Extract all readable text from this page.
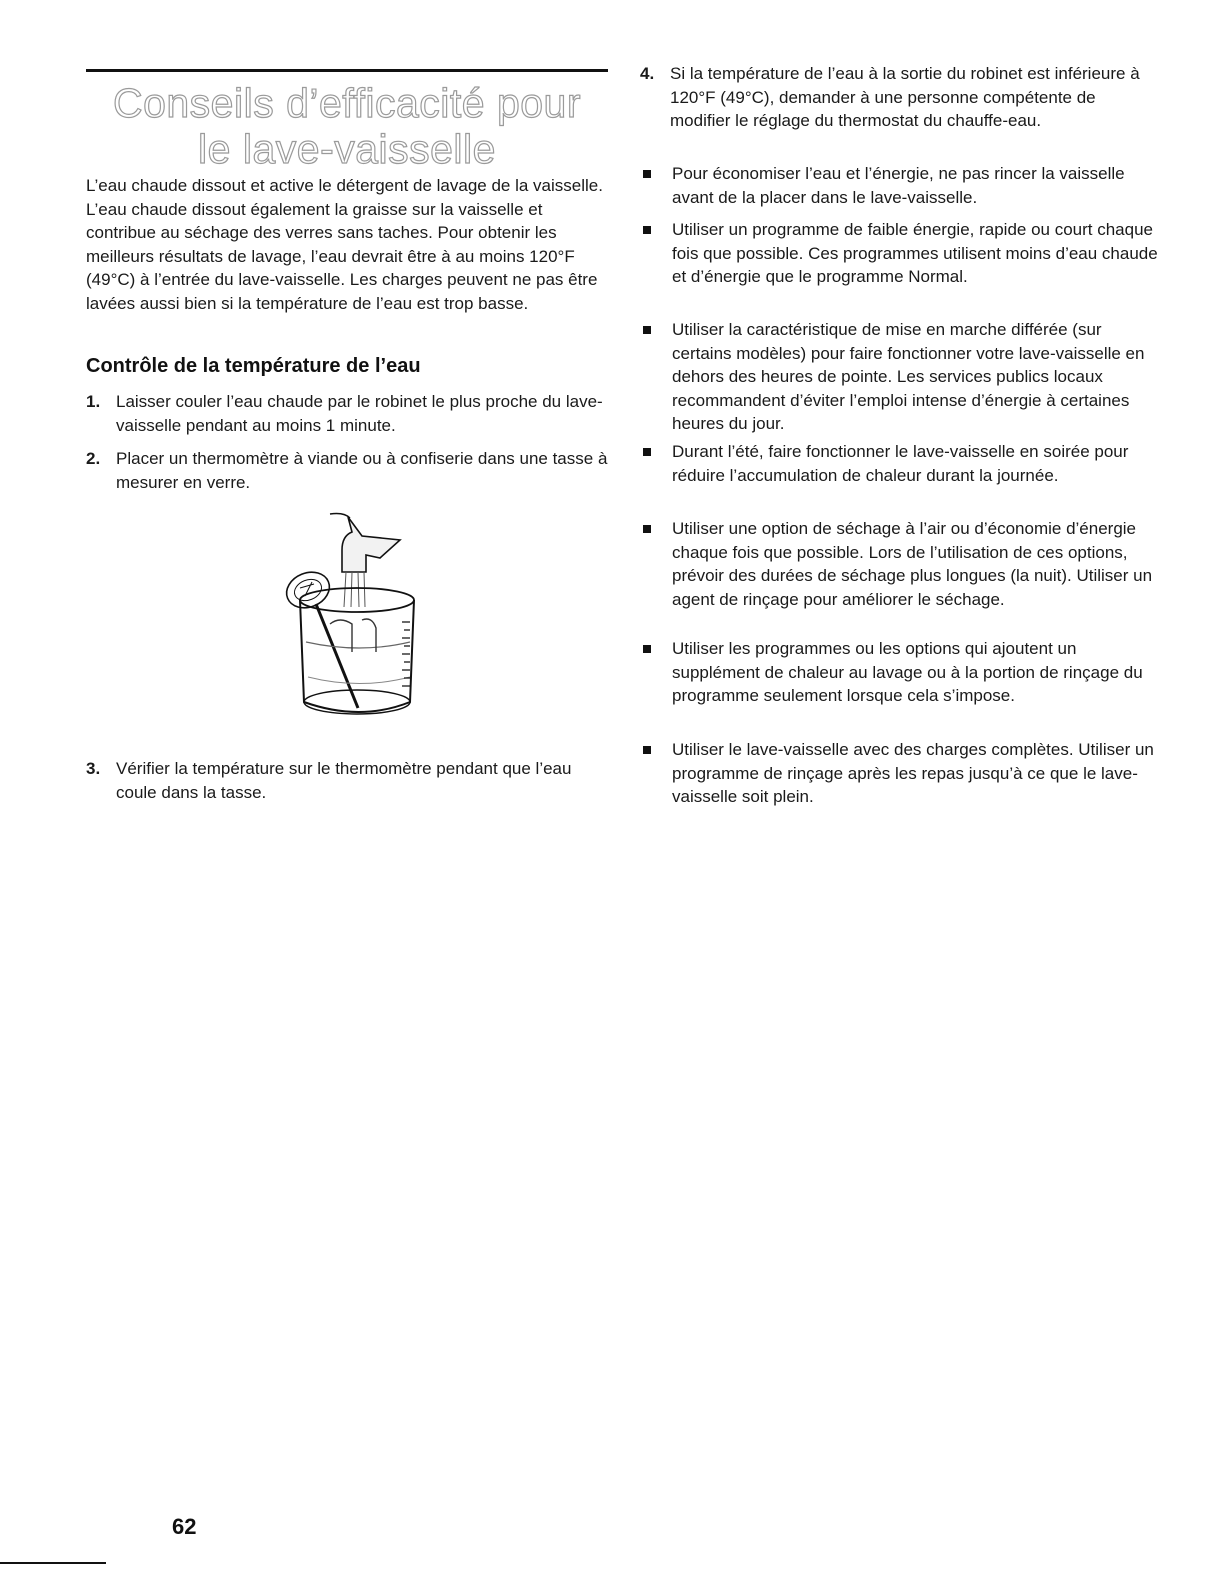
Conseils d’efficacité pour
le lave-vaisselle

L’eau chaude dissout et active le détergent de lavage de la vaisselle. L’eau chaude dissout également la graisse sur la vaisselle et contribue au séchage des verres sans taches. Pour obtenir les meilleurs résultats de lavage, l’eau devrait être à au moins 120°F (49°C) à l’entrée du lave-vaisselle. Les charges peuvent ne pas être lavées aussi bien si la température de l’eau est trop basse.

Contrôle de la température de l’eau
1. Laisser couler l’eau chaude par le robinet le plus proche du lave-vaisselle pendant au moins 1 minute.
2. Placer un thermomètre à viande ou à confiserie dans une tasse à mesurer en verre.
3. Vérifier la température sur le thermomètre pendant que l’eau coule dans la tasse.
62
4. Si la température de l’eau à la sortie du robinet est inférieure à 120°F (49°C), demander à une personne compétente de modifier le réglage du thermostat du chauffe-eau.
Pour économiser l’eau et l’énergie, ne pas rincer la vaisselle avant de la placer dans le lave-vaisselle.
Utiliser un programme de faible énergie, rapide ou court chaque fois que possible. Ces programmes utilisent moins d’eau chaude et d’énergie que le programme Normal.
Utiliser la caractéristique de mise en marche différée (sur certains modèles) pour faire fonctionner votre lave-vaisselle en dehors des heures de pointe. Les services publics locaux recommandent d’éviter l’emploi intense d’énergie à certaines heures du jour.
Durant l’été, faire fonctionner le lave-vaisselle en soirée pour réduire l’accumulation de chaleur durant la journée.
Utiliser une option de séchage à l’air ou d’économie d’énergie chaque fois que possible. Lors de l’utilisation de ces options, prévoir des durées de séchage plus longues (la nuit). Utiliser un agent de rinçage pour améliorer le séchage.
Utiliser les programmes ou les options qui ajoutent un supplément de chaleur au lavage ou à la portion de rinçage du programme seulement lorsque cela s’impose.
Utiliser le lave-vaisselle avec des charges complètes. Utiliser un programme de rinçage après les repas jusqu’à ce que le lave-vaisselle soit plein.
